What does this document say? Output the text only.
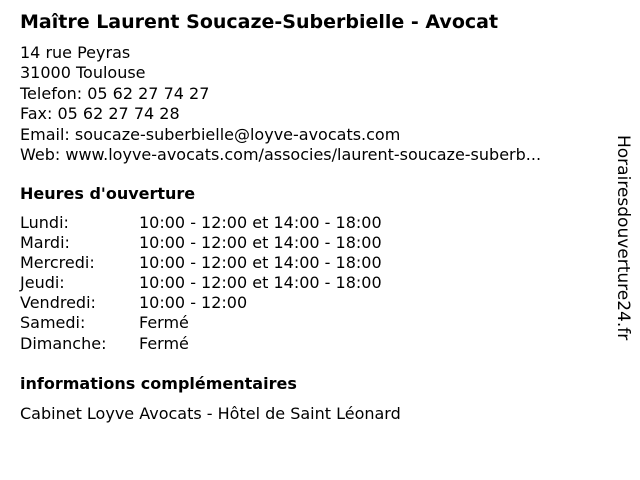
Maître Laurent Soucaze-Suberbielle - Avocat
14 rue Peyras
31000 Toulouse
Telefon: 05 62 27 74 27
Fax: 05 62 27 74 28
Email: soucaze-suberbielle@loyve-avocats.com
Web: www.loyve-avocats.com/associes/laurent-soucaze-suberb...
Heures d'ouverture
Lundi:	10:00 - 12:00 et 14:00 - 18:00
Mardi:	10:00 - 12:00 et 14:00 - 18:00
Mercredi:	10:00 - 12:00 et 14:00 - 18:00
Jeudi:	10:00 - 12:00 et 14:00 - 18:00
Vendredi:	10:00 - 12:00
Samedi:	Fermé
Dimanche: Fermé
informations complémentaires
Cabinet Loyve Avocats - Hôtel de Saint Léonard
Horairesdouverture24.fr
